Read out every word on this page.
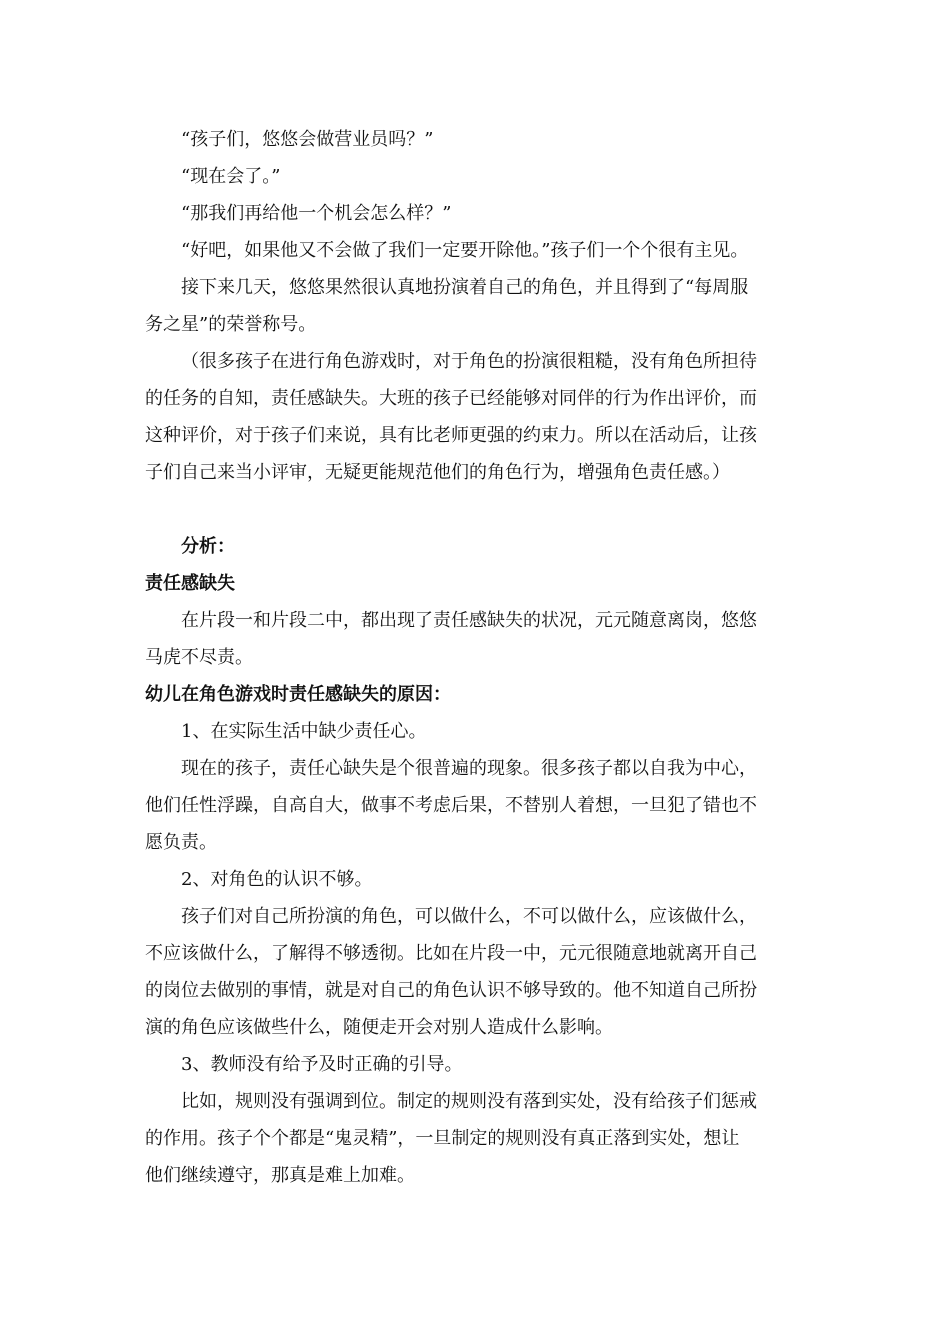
“孩子们，悠悠会做营业员吗？”
“现在会了。”
“那我们再给他一个机会怎么样？”
“好吧，如果他又不会做了我们一定要开除他。”孩子们一个个很有主见。
接下来几天，悠悠果然很认真地扮演着自己的角色，并且得到了“每周服
务之星”的荣誉称号。
（很多孩子在进行角色游戏时，对于角色的扮演很粗糙，没有角色所担待
的任务的自知，责任感缺失。大班的孩子已经能够对同伴的行为作出评价，而
这种评价，对于孩子们来说，具有比老师更强的约束力。所以在活动后，让孩
子们自己来当小评审，无疑更能规范他们的角色行为，增强角色责任感。）
分析：
责任感缺失
在片段一和片段二中，都出现了责任感缺失的状况，元元随意离岗，悠悠
马虎不尽责。
幼儿在角色游戏时责任感缺失的原因：
1、在实际生活中缺少责任心。
现在的孩子，责任心缺失是个很普遍的现象。很多孩子都以自我为中心，
他们任性浮躁，自高自大，做事不考虑后果，不替别人着想，一旦犯了错也不
愿负责。
2、对角色的认识不够。
孩子们对自己所扮演的角色，可以做什么，不可以做什么，应该做什么，
不应该做什么，了解得不够透彻。比如在片段一中，元元很随意地就离开自己
的岗位去做别的事情，就是对自己的角色认识不够导致的。他不知道自己所扮
演的角色应该做些什么，随便走开会对别人造成什么影响。
3、教师没有给予及时正确的引导。
比如，规则没有强调到位。制定的规则没有落到实处，没有给孩子们惩戒
的作用。孩子个个都是“鬼灵精”，一旦制定的规则没有真正落到实处，想让
他们继续遵守，那真是难上加难。
